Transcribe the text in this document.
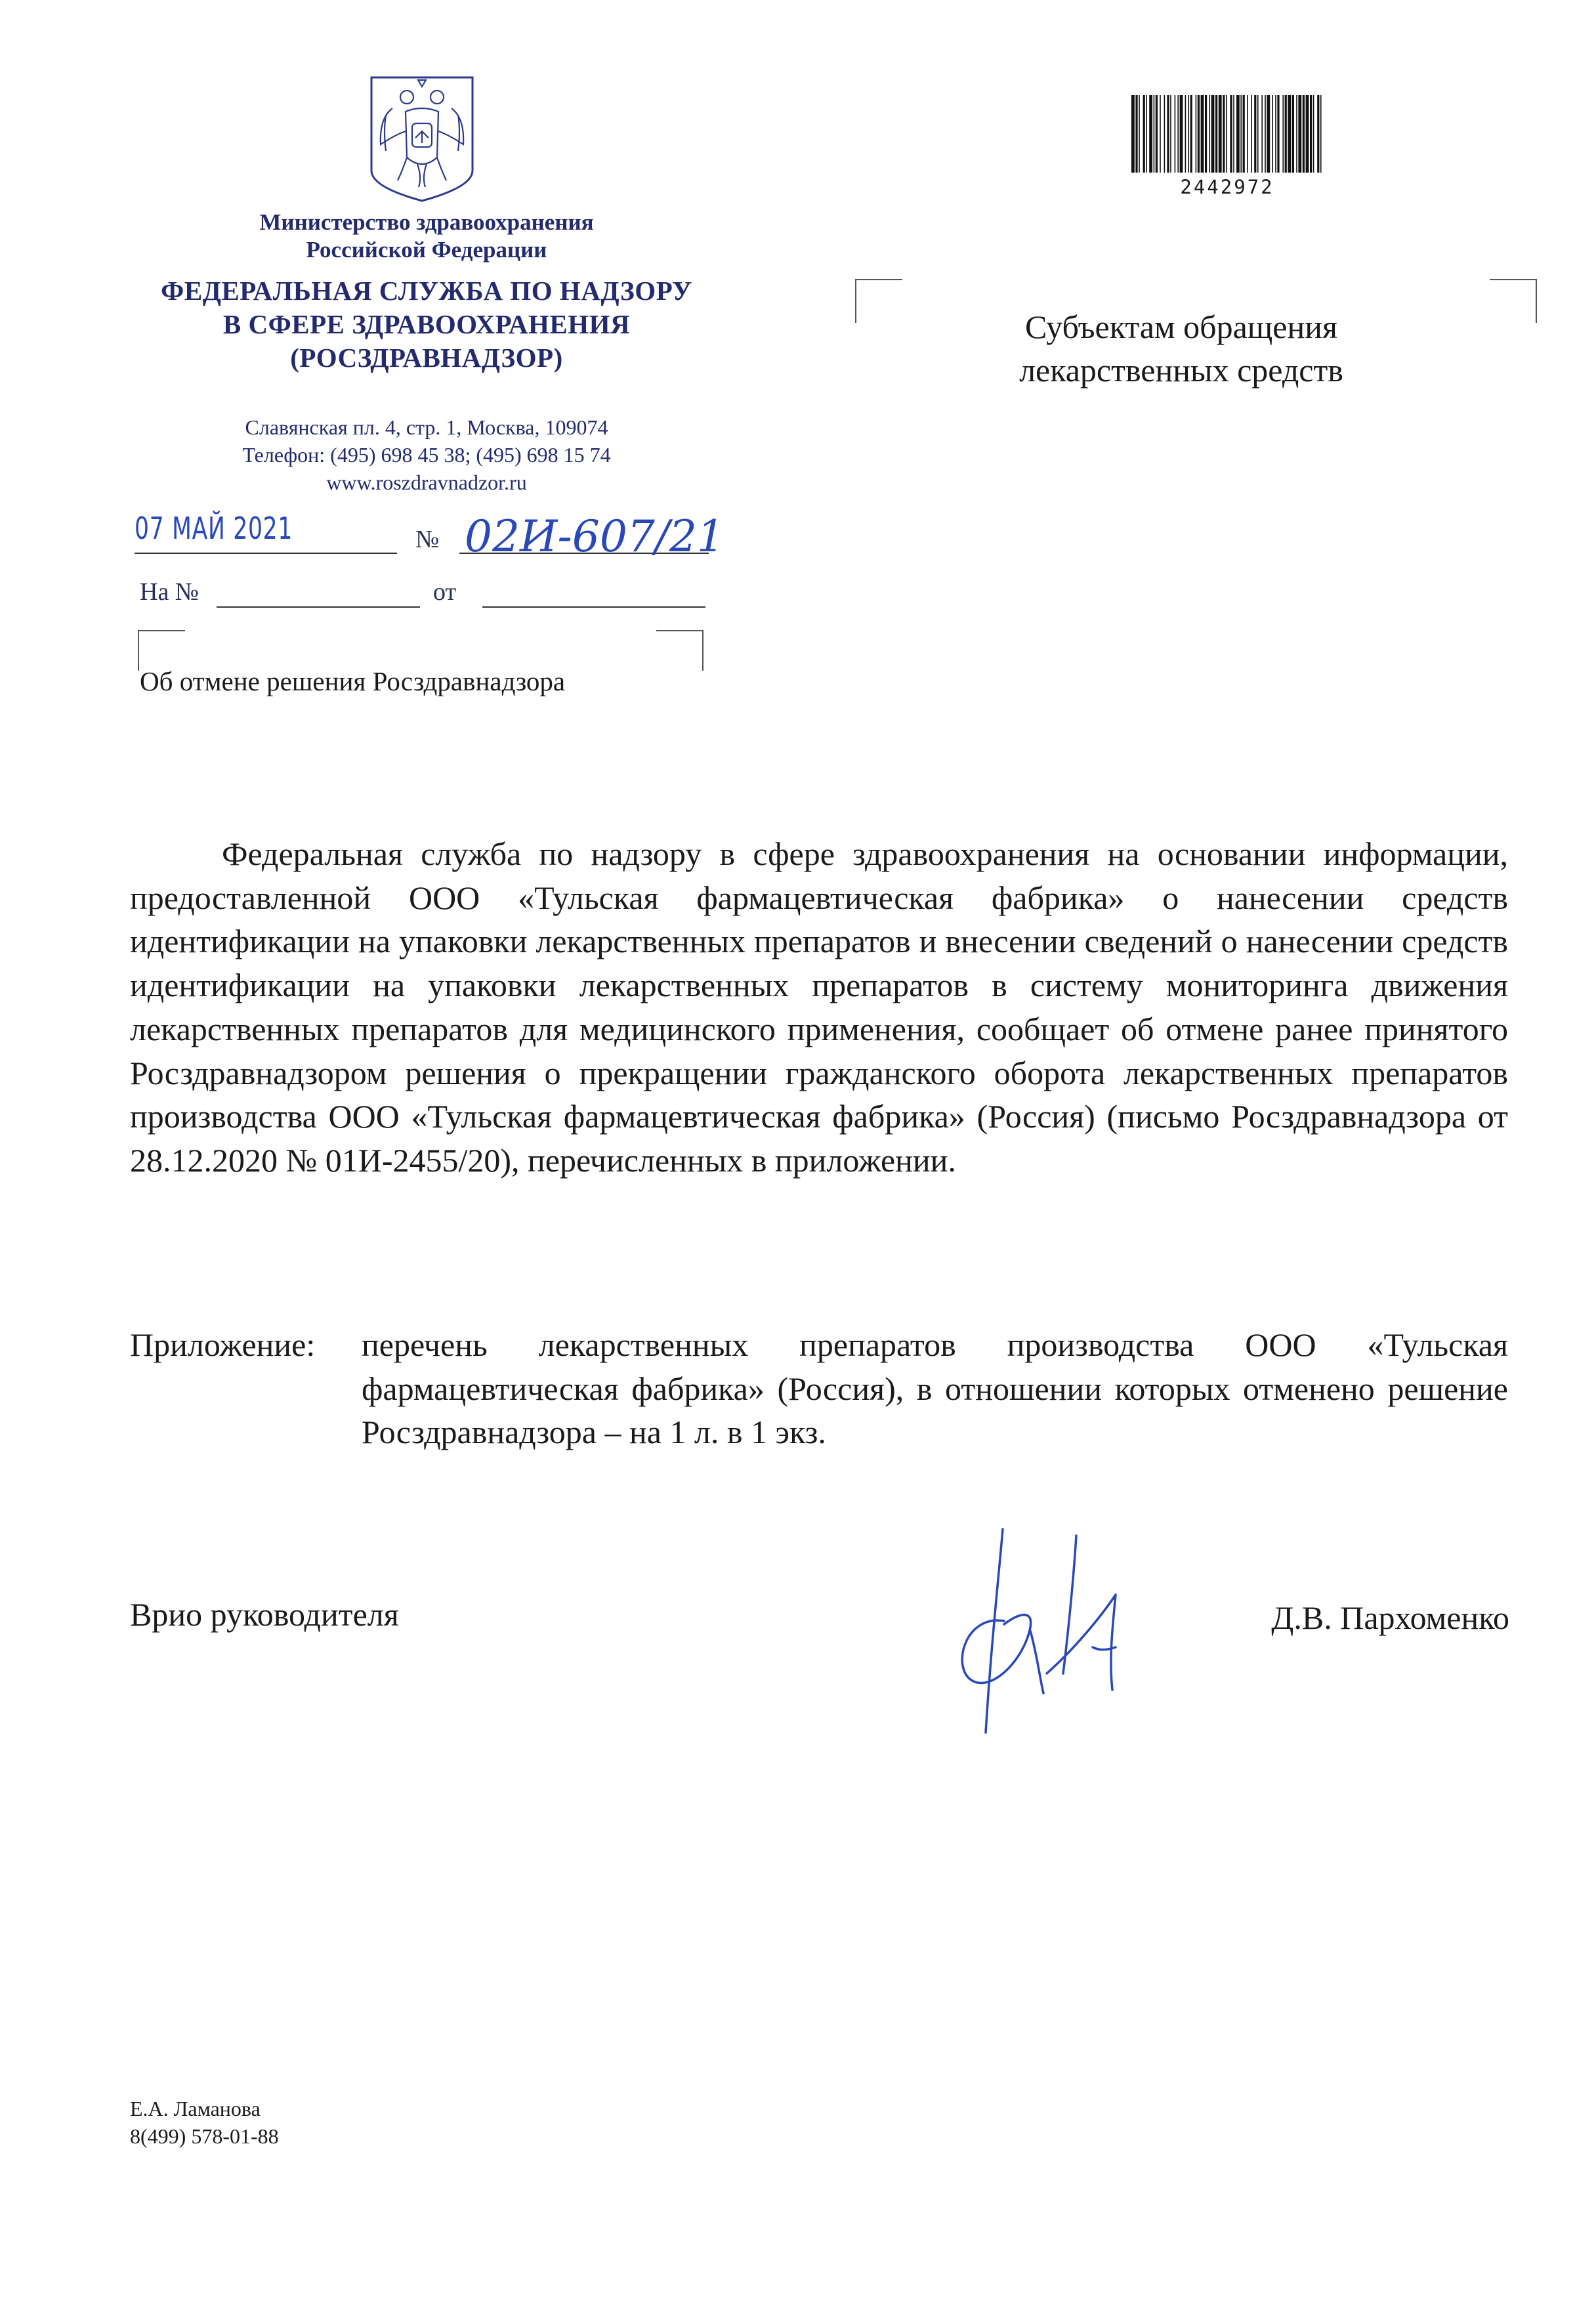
Министерство здравоохранения
Российской Федерации
ФЕДЕРАЛЬНАЯ СЛУЖБА ПО НАДЗОРУ
В СФЕРЕ ЗДРАВООХРАНЕНИЯ
(РОСЗДРАВНАДЗОР)
Славянская пл. 4, стр. 1, Москва, 109074
Телефон: (495) 698 45 38; (495) 698 15 74
www.roszdravnadzor.ru
07 МАЙ 2021	№ 02И-607/21
На №	от
Об отмене решения Росздравнадзора
Субъектам обращения
лекарственных средств
2442972

Федеральная служба по надзору в сфере здравоохранения на основании информации, предоставленной ООО «Тульская фармацевтическая фабрика» о нанесении средств идентификации на упаковки лекарственных препаратов и внесении сведений о нанесении средств идентификации на упаковки лекарственных препаратов в систему мониторинга движения лекарственных препаратов для медицинского применения, сообщает об отмене ранее принятого Росздравнадзором решения о прекращении гражданского оборота лекарственных препаратов производства ООО «Тульская фармацевтическая фабрика» (Россия) (письмо Росздравнадзора от 28.12.2020 № 01И-2455/20), перечисленных в приложении.

Приложение: перечень лекарственных препаратов производства ООО «Тульская фармацевтическая фабрика» (Россия), в отношении которых отменено решение Росздравнадзора – на 1 л. в 1 экз.
Врио руководителя	Д.В. Пархоменко
Е.А. Ламанова
8(499) 578-01-88
